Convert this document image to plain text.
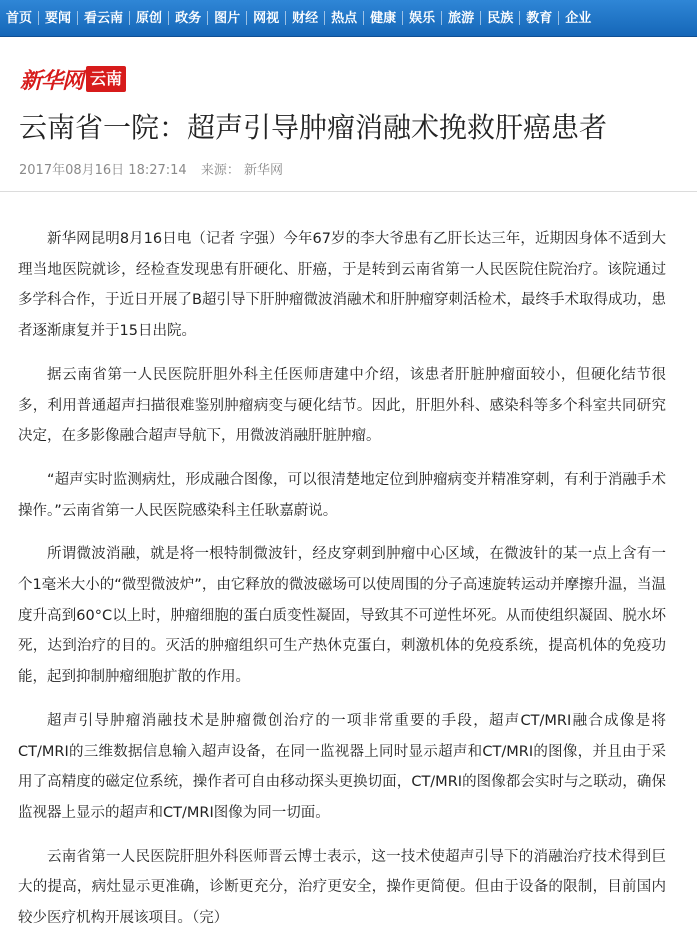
首页	要闻	看云南	原创	政务	图片	网视	财经	热点	健康	娱乐	旅游	民族	教育	企业
新华网 云南
云南省一院：超声引导肿瘤消融术挽救肝癌患者
2017年08月16日 18:27:14 来源： 新华网

新华网昆明8月16日电（记者 字强）今年67岁的李大爷患有乙肝长达三年，近期因身体不适到大理当地医院就诊，经检查发现患有肝硬化、肝癌，于是转到云南省第一人民医院住院治疗。该院通过多学科合作，于近日开展了B超引导下肝肿瘤微波消融术和肝肿瘤穿刺活检术，最终手术取得成功，患者逐渐康复并于15日出院。

据云南省第一人民医院肝胆外科主任医师唐建中介绍，该患者肝脏肿瘤面较小，但硬化结节很多，利用普通超声扫描很难鉴别肿瘤病变与硬化结节。因此，肝胆外科、感染科等多个科室共同研究决定，在多影像融合超声导航下，用微波消融肝脏肿瘤。

“超声实时监测病灶，形成融合图像，可以很清楚地定位到肿瘤病变并精准穿刺，有利于消融手术操作。”云南省第一人民医院感染科主任耿嘉蔚说。

所谓微波消融，就是将一根特制微波针，经皮穿刺到肿瘤中心区域，在微波针的某一点上含有一个1毫米大小的“微型微波炉”，由它释放的微波磁场可以使周围的分子高速旋转运动并摩擦升温，当温度升高到60°C以上时，肿瘤细胞的蛋白质变性凝固，导致其不可逆性坏死。从而使组织凝固、脱水坏死，达到治疗的目的。灭活的肿瘤组织可生产热休克蛋白，刺激机体的免疫系统，提高机体的免疫功能，起到抑制肿瘤细胞扩散的作用。

超声引导肿瘤消融技术是肿瘤微创治疗的一项非常重要的手段，超声CT/MRI融合成像是将CT/MRI的三维数据信息输入超声设备，在同一监视器上同时显示超声和CT/MRI的图像，并且由于采用了高精度的磁定位系统，操作者可自由移动探头更换切面，CT/MRI的图像都会实时与之联动，确保监视器上显示的超声和CT/MRI图像为同一切面。

云南省第一人民医院肝胆外科医师晋云博士表示，这一技术使超声引导下的消融治疗技术得到巨大的提高，病灶显示更准确，诊断更充分，治疗更安全，操作更简便。但由于设备的限制，目前国内较少医疗机构开展该项目。（完）
